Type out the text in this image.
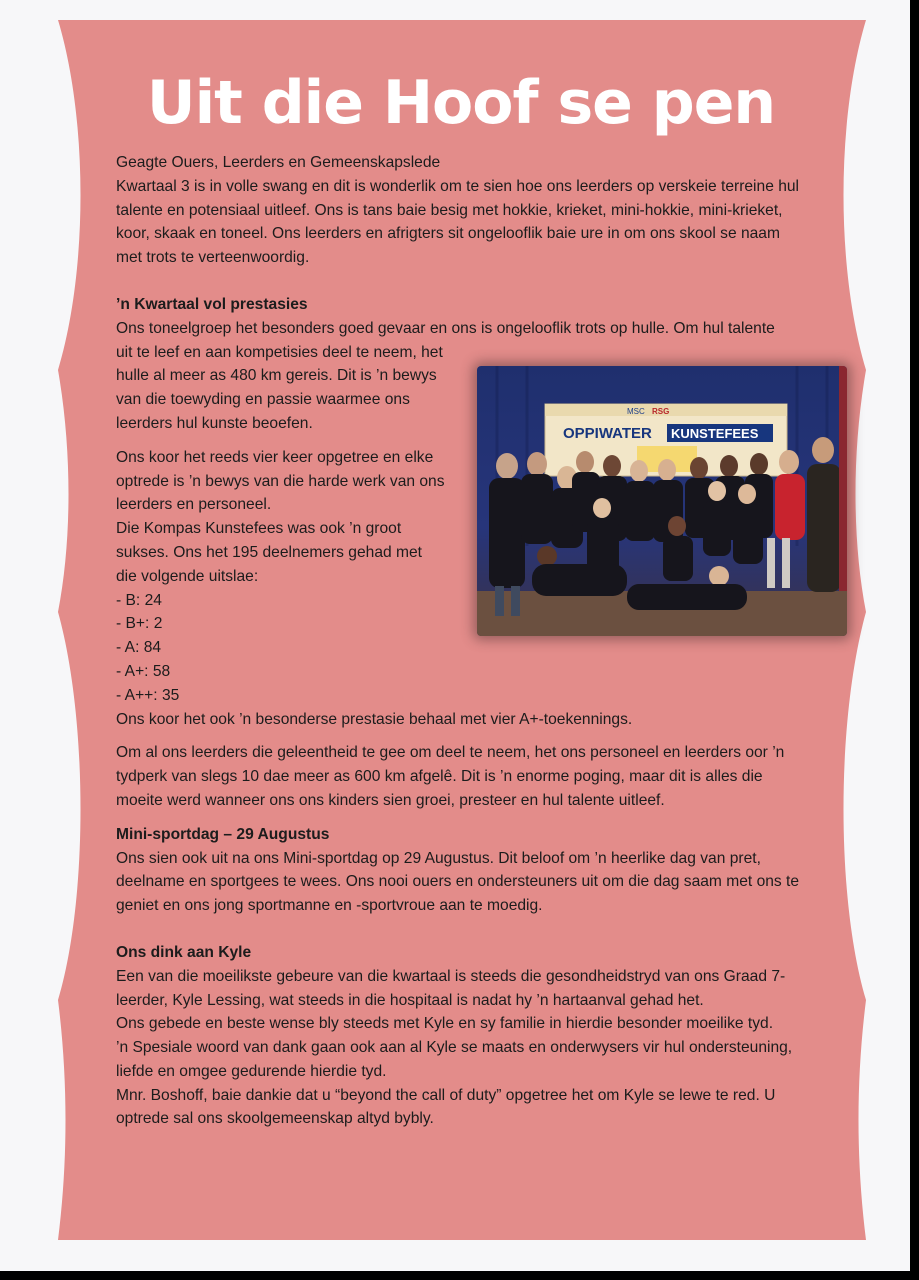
Uit die Hoof se pen

Geagte Ouers, Leerders en Gemeenskapslede

Kwartaal 3 is in volle swang en dit is wonderlik om te sien hoe ons leerders op verskeie terreine hul talente en potensiaal uitleef. Ons is tans baie besig met hokkie, krieket, mini-hokkie, mini-krieket, koor, skaak en toneel. Ons leerders en afrigters sit ongelooflik baie ure in om ons skool se naam met trots te verteenwoordig.

’n Kwartaal vol prestasies

Ons toneelgroep het besonders goed gevaar en ons is ongelooflik trots op hulle. Om hul talente

uit te leef en aan kompetisies deel te neem, het hulle al meer as 480 km gereis. Dit is ’n bewys van die toewyding en passie waarmee ons leerders hul kunste beoefen.

Ons koor het reeds vier keer opgetree en elke optrede is ’n bewys van die harde werk van ons leerders en personeel.

Die Kompas Kunstefees was ook ’n groot sukses. Ons het 195 deelnemers gehad met die volgende uitslae:

- B: 24
- B+: 2
- A: 84
- A+: 58
- A++: 35

Ons koor het ook ’n besonderse prestasie behaal met vier A+-toekennings.

Om al ons leerders die geleentheid te gee om deel te neem, het ons personeel en leerders oor ’n tydperk van slegs 10 dae meer as 600 km afgelê. Dit is ’n enorme poging, maar dit is alles die moeite werd wanneer ons ons kinders sien groei, presteer en hul talente uitleef.

Mini-sportdag – 29 Augustus

Ons sien ook uit na ons Mini-sportdag op 29 Augustus. Dit beloof om ’n heerlike dag van pret, deelname en sportgees te wees. Ons nooi ouers en ondersteuners uit om die dag saam met ons te geniet en ons jong sportmanne en -sportvroue aan te moedig.

Ons dink aan Kyle

Een van die moeilikste gebeure van die kwartaal is steeds die gesondheidstryd van ons Graad 7-leerder, Kyle Lessing, wat steeds in die hospitaal is nadat hy ’n hartaanval gehad het.

Ons gebede en beste wense bly steeds met Kyle en sy familie in hierdie besonder moeilike tyd.

’n Spesiale woord van dank gaan ook aan al Kyle se maats en onderwysers vir hul ondersteuning, liefde en omgee gedurende hierdie tyd.

Mnr. Boshoff, baie dankie dat u “beyond the call of duty” opgetree het om Kyle se lewe te red. U optrede sal ons skoolgemeenskap altyd bybly.

MSC RSG
OPPIWATER KUNSTEFEES
